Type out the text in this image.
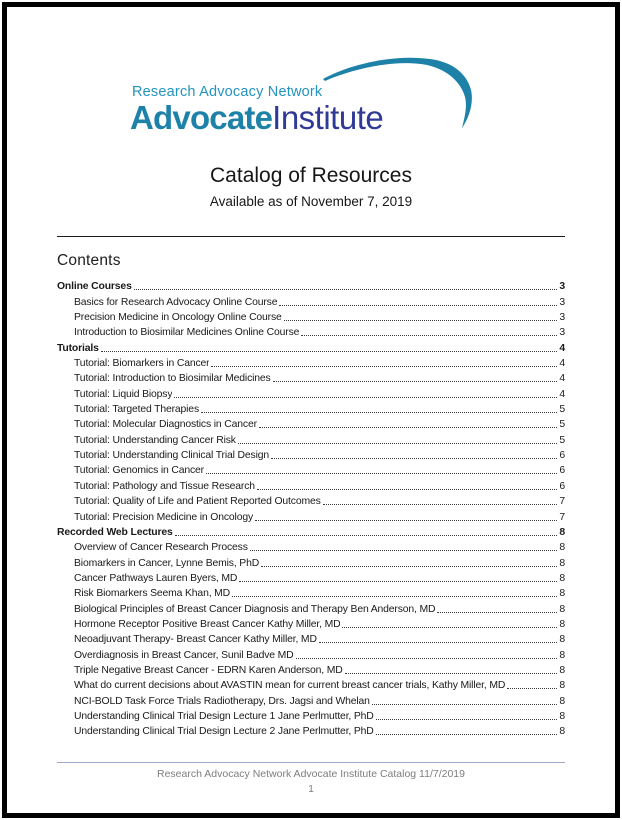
Research Advocacy Network
AdvocateInstitute
Catalog of Resources
Available as of November 7, 2019
Contents
Online Courses	3
Basics for Research Advocacy Online Course	3
Precision Medicine in Oncology Online Course	3
Introduction to Biosimilar Medicines Online Course	3
Tutorials	4
Tutorial: Biomarkers in Cancer	4
Tutorial: Introduction to Biosimilar Medicines	4
Tutorial: Liquid Biopsy	4
Tutorial: Targeted Therapies	5
Tutorial: Molecular Diagnostics in Cancer	5
Tutorial: Understanding Cancer Risk	5
Tutorial: Understanding Clinical Trial Design	6
Tutorial: Genomics in Cancer	6
Tutorial: Pathology and Tissue Research	6
Tutorial: Quality of Life and Patient Reported Outcomes	7
Tutorial: Precision Medicine in Oncology	7
Recorded Web Lectures	8
Overview of Cancer Research Process	8
Biomarkers in Cancer, Lynne Bemis, PhD	8
Cancer Pathways Lauren Byers, MD	8
Risk Biomarkers Seema Khan, MD	8
Biological Principles of Breast Cancer Diagnosis and Therapy Ben Anderson, MD	8
Hormone Receptor Positive Breast Cancer Kathy Miller, MD	8
Neoadjuvant Therapy- Breast Cancer Kathy Miller, MD	8
Overdiagnosis in Breast Cancer, Sunil Badve MD	8
Triple Negative Breast Cancer - EDRN Karen Anderson, MD	8
What do current decisions about AVASTIN mean for current breast cancer trials, Kathy Miller, MD	8
NCI-BOLD Task Force Trials Radiotherapy, Drs. Jagsi and Whelan	8
Understanding Clinical Trial Design Lecture 1 Jane Perlmutter, PhD	8
Understanding Clinical Trial Design Lecture 2 Jane Perlmutter, PhD	8
Research Advocacy Network Advocate Institute Catalog 11/7/2019
1
